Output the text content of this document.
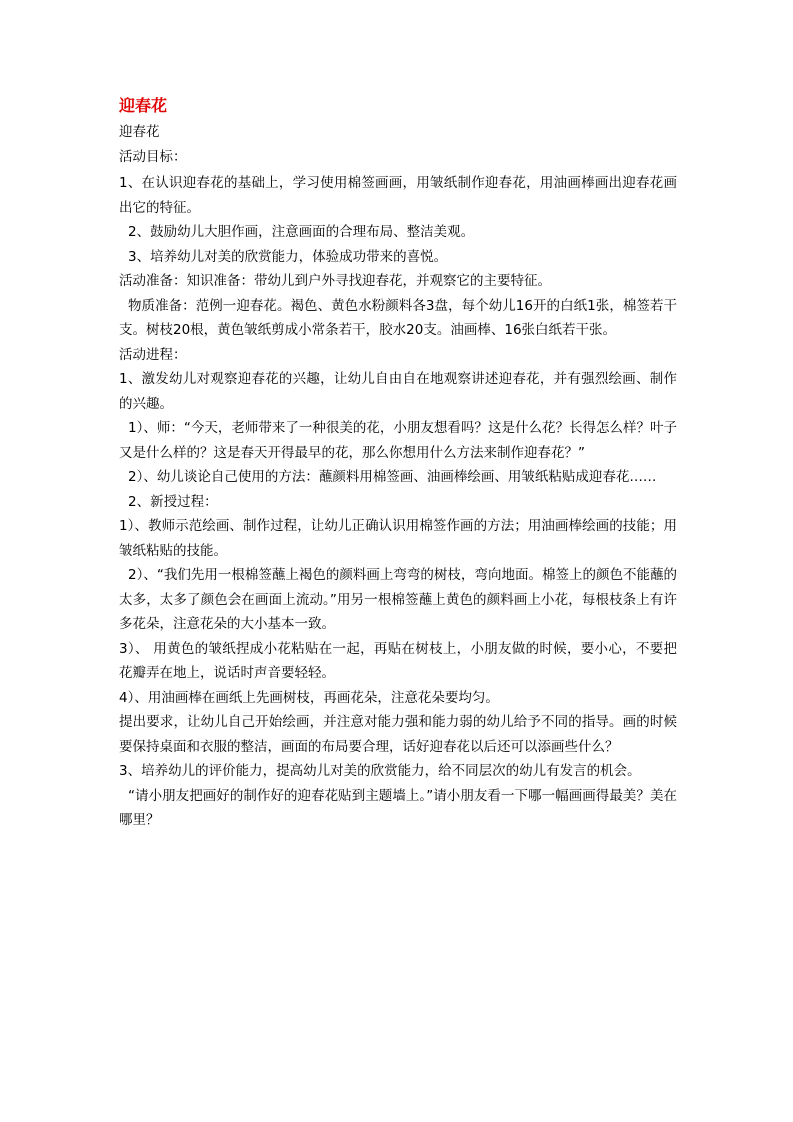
迎春花

迎春花

活动目标：

1、在认识迎春花的基础上，学习使用棉签画画，用皱纸制作迎春花，用油画棒画出迎春花画出它的特征。

2、鼓励幼儿大胆作画，注意画面的合理布局、整洁美观。

3、培养幼儿对美的欣赏能力，体验成功带来的喜悦。

活动准备：知识准备：带幼儿到户外寻找迎春花，并观察它的主要特征。

物质准备：范例一迎春花。褐色、黄色水粉颜料各3盘，每个幼儿16开的白纸1张，棉签若干支。树枝20根，黄色皱纸剪成小常条若干，胶水20支。油画棒、16张白纸若干张。

活动进程：

1、激发幼儿对观察迎春花的兴趣，让幼儿自由自在地观察讲述迎春花，并有强烈绘画、制作的兴趣。

1）、师：“今天，老师带来了一种很美的花，小朋友想看吗？这是什么花？长得怎么样？叶子又是什么样的？这是春天开得最早的花，那么你想用什么方法来制作迎春花？”

2）、幼儿谈论自己使用的方法：蘸颜料用棉签画、油画棒绘画、用皱纸粘贴成迎春花……

2、新授过程：

1）、教师示范绘画、制作过程，让幼儿正确认识用棉签作画的方法；用油画棒绘画的技能；用皱纸粘贴的技能。

2）、“我们先用一根棉签蘸上褐色的颜料画上弯弯的树枝，弯向地面。棉签上的颜色不能蘸的太多，太多了颜色会在画面上流动。”用另一根棉签蘸上黄色的颜料画上小花，每根枝条上有许多花朵，注意花朵的大小基本一致。

3）、 用黄色的皱纸捏成小花粘贴在一起，再贴在树枝上，小朋友做的时候，要小心，不要把花瓣弄在地上，说话时声音要轻轻。

4）、用油画棒在画纸上先画树枝，再画花朵，注意花朵要均匀。

提出要求，让幼儿自己开始绘画，并注意对能力强和能力弱的幼儿给予不同的指导。画的时候要保持桌面和衣服的整洁，画面的布局要合理，话好迎春花以后还可以添画些什么？

3、培养幼儿的评价能力，提高幼儿对美的欣赏能力，给不同层次的幼儿有发言的机会。

“请小朋友把画好的制作好的迎春花贴到主题墙上。”请小朋友看一下哪一幅画画得最美？美在哪里？
